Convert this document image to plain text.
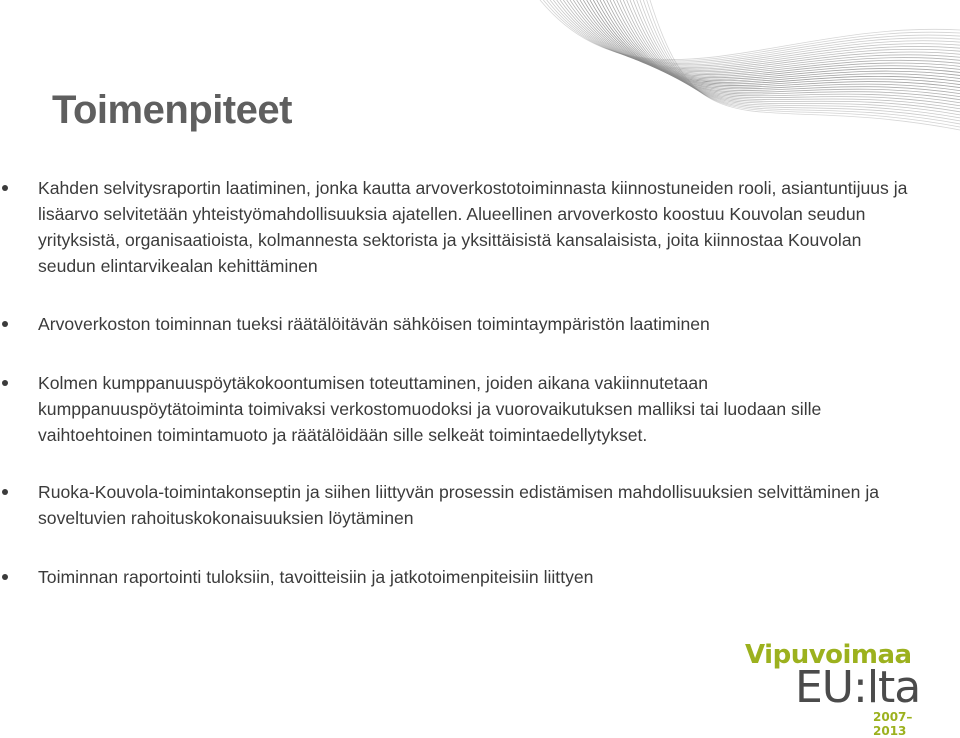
Toimenpiteet
Kahden selvitysraportin laatiminen, jonka kautta arvoverkostotoiminnasta kiinnostuneiden rooli, asiantuntijuus ja lisäarvo selvitetään yhteistyömahdollisuuksia ajatellen. Alueellinen arvoverkosto koostuu Kouvolan seudun yrityksistä, organisaatioista, kolmannesta sektorista ja yksittäisistä kansalaisista, joita kiinnostaa Kouvolan seudun elintarvikealan kehittäminen
Arvoverkoston toiminnan tueksi räätälöitävän sähköisen toimintaympäristön laatiminen
Kolmen kumppanuuspöytäkokoontumisen toteuttaminen, joiden aikana vakiinnutetaan kumppanuuspöytätoiminta toimivaksi verkostomuodoksi ja vuorovaikutuksen malliksi tai luodaan sille vaihtoehtoinen toimintamuoto ja räätälöidään sille selkeät toimintaedellytykset.
Ruoka-Kouvola-toimintakonseptin ja siihen liittyvän prosessin edistämisen mahdollisuuksien selvittäminen ja soveltuvien rahoituskokonaisuuksien löytäminen
Toiminnan raportointi tuloksiin, tavoitteisiin ja jatkotoimenpiteisiin liittyen
Vipuvoimaa
EU:lta
2007–2013
